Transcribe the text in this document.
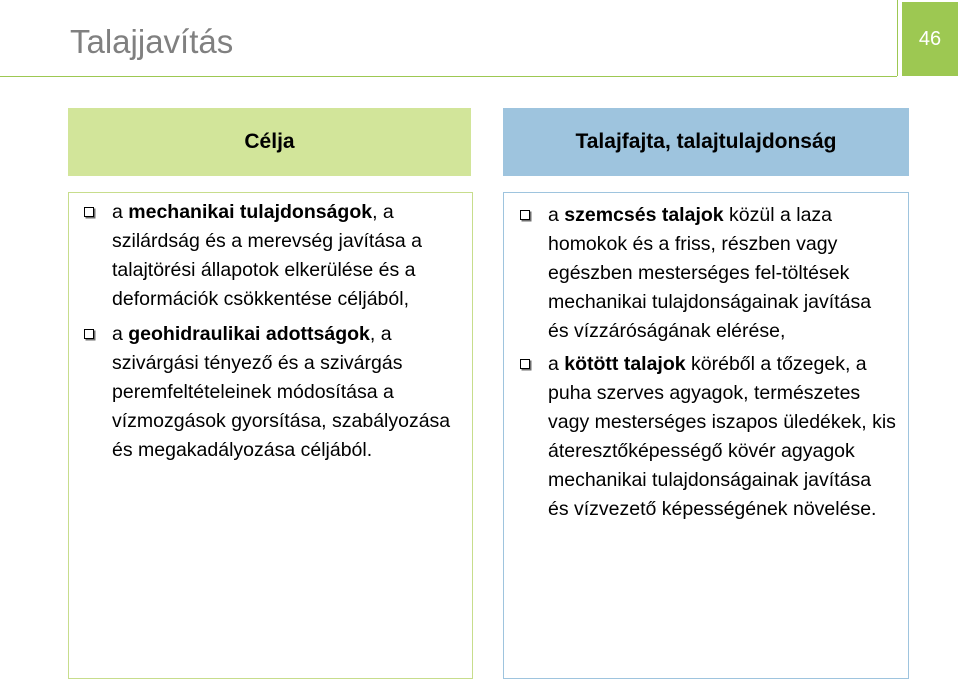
Talajjavítás	46
Célja	Talajfajta, talajtulajdonság
a mechanikai tulajdonságok, a szilárdság és a merevség javítása a talajtörési állapotok elkerülése és a deformációk csökkentése céljából,
a geohidraulikai adottságok, a szivárgási tényező és a szivárgás peremfeltételeinek módosítása a vízmozgások gyorsítása, szabályozása és megakadályozása céljából.
a szemcsés talajok közül a laza homokok és a friss, részben vagy egészben mesterséges fel-töltések mechanikai tulajdonságainak javítása és vízzáróságának elérése,
a kötött talajok köréből a tőzegek, a puha szerves agyagok, természetes vagy mesterséges iszapos üledékek, kis áteresztőképességő kövér agyagok mechanikai tulajdonságainak javítása és vízvezető képességének növelése.
